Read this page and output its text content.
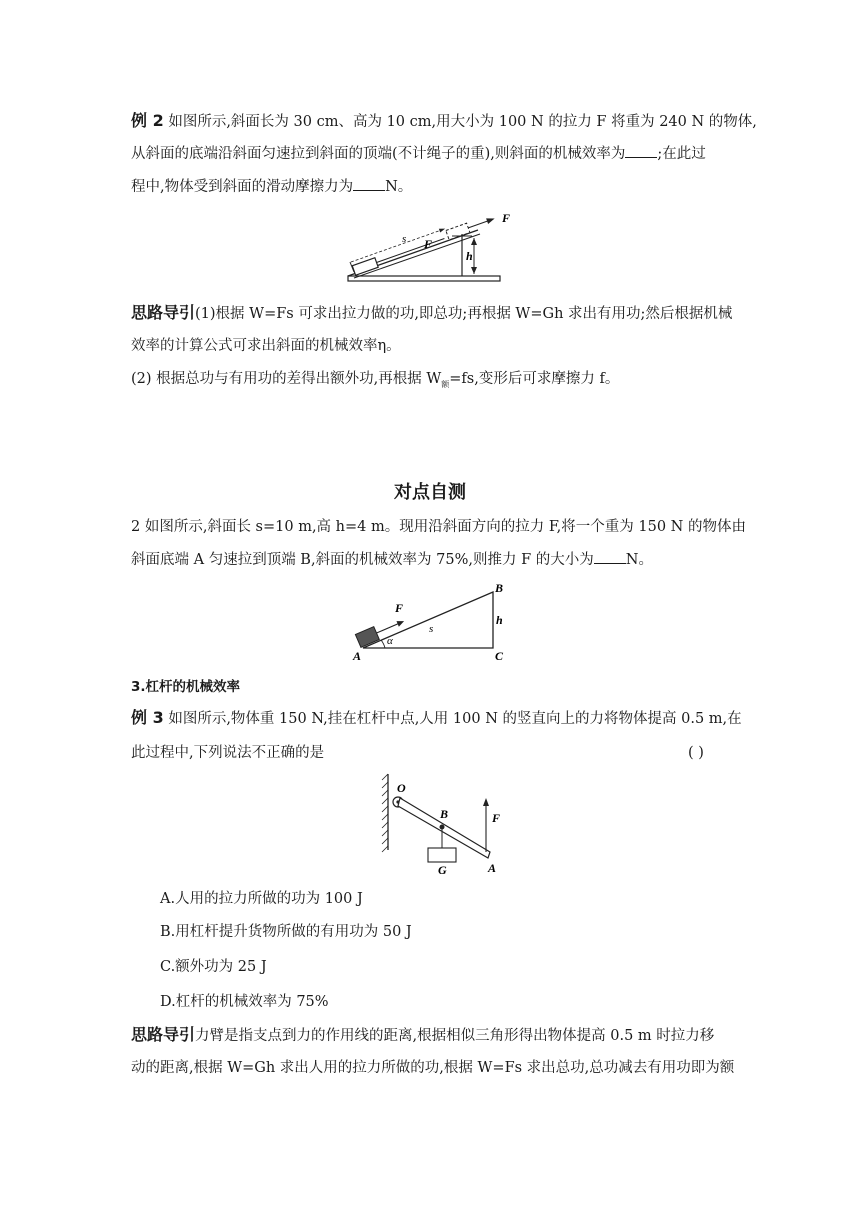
例 2 如图所示,斜面长为 30 cm、高为 10 cm,用大小为 100 N 的拉力 F 将重为 240 N 的物体,
从斜面的底端沿斜面匀速拉到斜面的顶端(不计绳子的重),则斜面的机械效率为 ;在此过
程中,物体受到斜面的滑动摩擦力为 N。
s F
F
h
思路导引(1)根据 W=Fs 可求出拉力做的功,即总功;再根据 W=Gh 求出有用功;然后根据机械
效率的计算公式可求出斜面的机械效率η。
(2) 根据总功与有用功的差得出额外功,再根据 $W_额=fs$,变形后可求摩擦力 f。
对点自测
2 如图所示,斜面长 s=10 m,高 h=4 m。现用沿斜面方向的拉力 F,将一个重为 150 N 的物体由
斜面底端 A 匀速拉到顶端 B,斜面的机械效率为 75%,则推力 F 的大小为 N。
F
s
B
h
A
α
C
3.杠杆的机械效率
例 3 如图所示,物体重 150 N,挂在杠杆中点,人用 100 N 的竖直向上的力将物体提高 0.5 m,在
此过程中,下列说法不正确的是	( )
O
B	F
G	A
A.人用的拉力所做的功为 100 J
B.用杠杆提升货物所做的有用功为 50 J
C.额外功为 25 J
D.杠杆的机械效率为 75%
思路导引力臂是指支点到力的作用线的距离,根据相似三角形得出物体提高 0.5 m 时拉力移
动的距离,根据 W=Gh 求出人用的拉力所做的功,根据 W=Fs 求出总功,总功减去有用功即为额
